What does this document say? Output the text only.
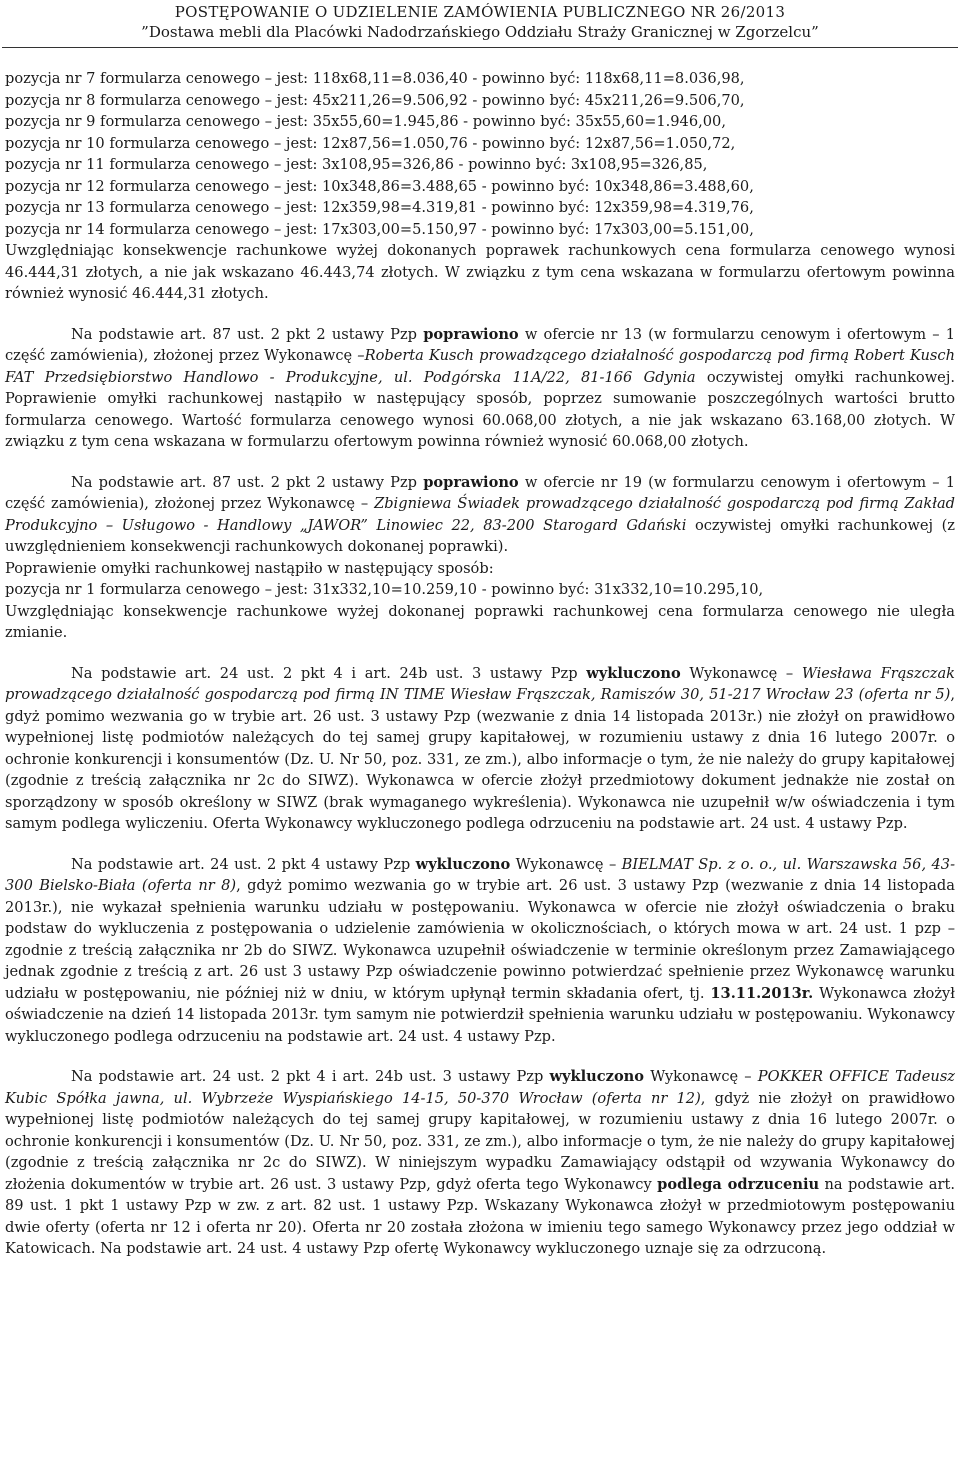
POSTĘPOWANIE O UDZIELENIE ZAMÓWIENIA PUBLICZNEGO NR 26/2013
”Dostawa mebli dla Placówki Nadodrzańskiego Oddziału Straży Granicznej w Zgorzelcu”
pozycja nr 7 formularza cenowego – jest: 118x68,11=8.036,40 - powinno być: 118x68,11=8.036,98,
pozycja nr 8 formularza cenowego – jest: 45x211,26=9.506,92 - powinno być: 45x211,26=9.506,70,
pozycja nr 9 formularza cenowego – jest: 35x55,60=1.945,86 - powinno być: 35x55,60=1.946,00,
pozycja nr 10 formularza cenowego – jest: 12x87,56=1.050,76 - powinno być: 12x87,56=1.050,72,
pozycja nr 11 formularza cenowego – jest: 3x108,95=326,86 - powinno być: 3x108,95=326,85,
pozycja nr 12 formularza cenowego – jest: 10x348,86=3.488,65 - powinno być: 10x348,86=3.488,60,
pozycja nr 13 formularza cenowego – jest: 12x359,98=4.319,81 - powinno być: 12x359,98=4.319,76,
pozycja nr 14 formularza cenowego – jest: 17x303,00=5.150,97 - powinno być: 17x303,00=5.151,00,
Uwzględniając konsekwencje rachunkowe wyżej dokonanych poprawek rachunkowych cena formularza cenowego wynosi 46.444,31 złotych, a nie jak wskazano 46.443,74 złotych. W związku z tym cena wskazana w formularzu ofertowym powinna również wynosić 46.444,31 złotych.
Na podstawie art. 87 ust. 2 pkt 2 ustawy Pzp poprawiono w ofercie nr 13 (w formularzu cenowym i ofertowym – 1 część zamówienia), złożonej przez Wykonawcę –Roberta Kusch prowadzącego działalność gospodarczą pod firmą Robert Kusch FAT Przedsiębiorstwo Handlowo - Produkcyjne, ul. Podgórska 11A/22, 81-166 Gdynia oczywistej omyłki rachunkowej. Poprawienie omyłki rachunkowej nastąpiło w następujący sposób, poprzez sumowanie poszczególnych wartości brutto formularza cenowego. Wartość formularza cenowego wynosi 60.068,00 złotych, a nie jak wskazano 63.168,00 złotych. W związku z tym cena wskazana w formularzu ofertowym powinna również wynosić 60.068,00 złotych.
Na podstawie art. 87 ust. 2 pkt 2 ustawy Pzp poprawiono w ofercie nr 19 (w formularzu cenowym i ofertowym – 1 część zamówienia), złożonej przez Wykonawcę – Zbigniewa Świadek prowadzącego działalność gospodarczą pod firmą Zakład Produkcyjno – Usługowo - Handlowy „JAWOR” Linowiec 22, 83-200 Starogard Gdański oczywistej omyłki rachunkowej (z uwzględnieniem konsekwencji rachunkowych dokonanej poprawki).
Poprawienie omyłki rachunkowej nastąpiło w następujący sposób:
pozycja nr 1 formularza cenowego – jest: 31x332,10=10.259,10 - powinno być: 31x332,10=10.295,10,
Uwzględniając konsekwencje rachunkowe wyżej dokonanej poprawki rachunkowej cena formularza cenowego nie uległa zmianie.
Na podstawie art. 24 ust. 2 pkt 4 i art. 24b ust. 3 ustawy Pzp wykluczono Wykonawcę – Wiesława Frąszczak prowadzącego działalność gospodarczą pod firmą IN TIME Wiesław Frąszczak, Ramiszów 30, 51-217 Wrocław 23 (oferta nr 5), gdyż pomimo wezwania go w trybie art. 26 ust. 3 ustawy Pzp (wezwanie z dnia 14 listopada 2013r.) nie złożył on prawidłowo wypełnionej listę podmiotów należących do tej samej grupy kapitałowej, w rozumieniu ustawy z dnia 16 lutego 2007r. o ochronie konkurencji i konsumentów (Dz. U. Nr 50, poz. 331, ze zm.), albo informacje o tym, że nie należy do grupy kapitałowej (zgodnie z treścią załącznika nr 2c do SIWZ). Wykonawca w ofercie złożył przedmiotowy dokument jednakże nie został on sporządzony w sposób określony w SIWZ (brak wymaganego wykreślenia). Wykonawca nie uzupełnił w/w oświadczenia i tym samym podlega wyliczeniu. Oferta Wykonawcy wykluczonego podlega odrzuceniu na podstawie art. 24 ust. 4 ustawy Pzp.
Na podstawie art. 24 ust. 2 pkt 4 ustawy Pzp wykluczono Wykonawcę – BIELMAT Sp. z o. o., ul. Warszawska 56, 43-300 Bielsko-Biała (oferta nr 8), gdyż pomimo wezwania go w trybie art. 26 ust. 3 ustawy Pzp (wezwanie z dnia 14 listopada 2013r.), nie wykazał spełnienia warunku udziału w postępowaniu. Wykonawca w ofercie nie złożył oświadczenia o braku podstaw do wykluczenia z postępowania o udzielenie zamówienia w okolicznościach, o których mowa w art. 24 ust. 1 pzp – zgodnie z treścią załącznika nr 2b do SIWZ. Wykonawca uzupełnił oświadczenie w terminie określonym przez Zamawiającego jednak zgodnie z treścią z art. 26 ust 3 ustawy Pzp oświadczenie powinno potwierdzać spełnienie przez Wykonawcę warunku udziału w postępowaniu, nie później niż w dniu, w którym upłynął termin składania ofert, tj. 13.11.2013r. Wykonawca złożył oświadczenie na dzień 14 listopada 2013r. tym samym nie potwierdził spełnienia warunku udziału w postępowaniu. Wykonawcy wykluczonego podlega odrzuceniu na podstawie art. 24 ust. 4 ustawy Pzp.
Na podstawie art. 24 ust. 2 pkt 4 i art. 24b ust. 3 ustawy Pzp wykluczono Wykonawcę – POKKER OFFICE Tadeusz Kubic Spółka jawna, ul. Wybrzeże Wyspiańskiego 14-15, 50-370 Wrocław (oferta nr 12), gdyż nie złożył on prawidłowo wypełnionej listę podmiotów należących do tej samej grupy kapitałowej, w rozumieniu ustawy z dnia 16 lutego 2007r. o ochronie konkurencji i konsumentów (Dz. U. Nr 50, poz. 331, ze zm.), albo informacje o tym, że nie należy do grupy kapitałowej (zgodnie z treścią załącznika nr 2c do SIWZ). W niniejszym wypadku Zamawiający odstąpił od wzywania Wykonawcy do złożenia dokumentów w trybie art. 26 ust. 3 ustawy Pzp, gdyż oferta tego Wykonawcy podlega odrzuceniu na podstawie art. 89 ust. 1 pkt 1 ustawy Pzp w zw. z art. 82 ust. 1 ustawy Pzp. Wskazany Wykonawca złożył w przedmiotowym postępowaniu dwie oferty (oferta nr 12 i oferta nr 20). Oferta nr 20 została złożona w imieniu tego samego Wykonawcy przez jego oddział w Katowicach. Na podstawie art. 24 ust. 4 ustawy Pzp ofertę Wykonawcy wykluczonego uznaje się za odrzuconą.
